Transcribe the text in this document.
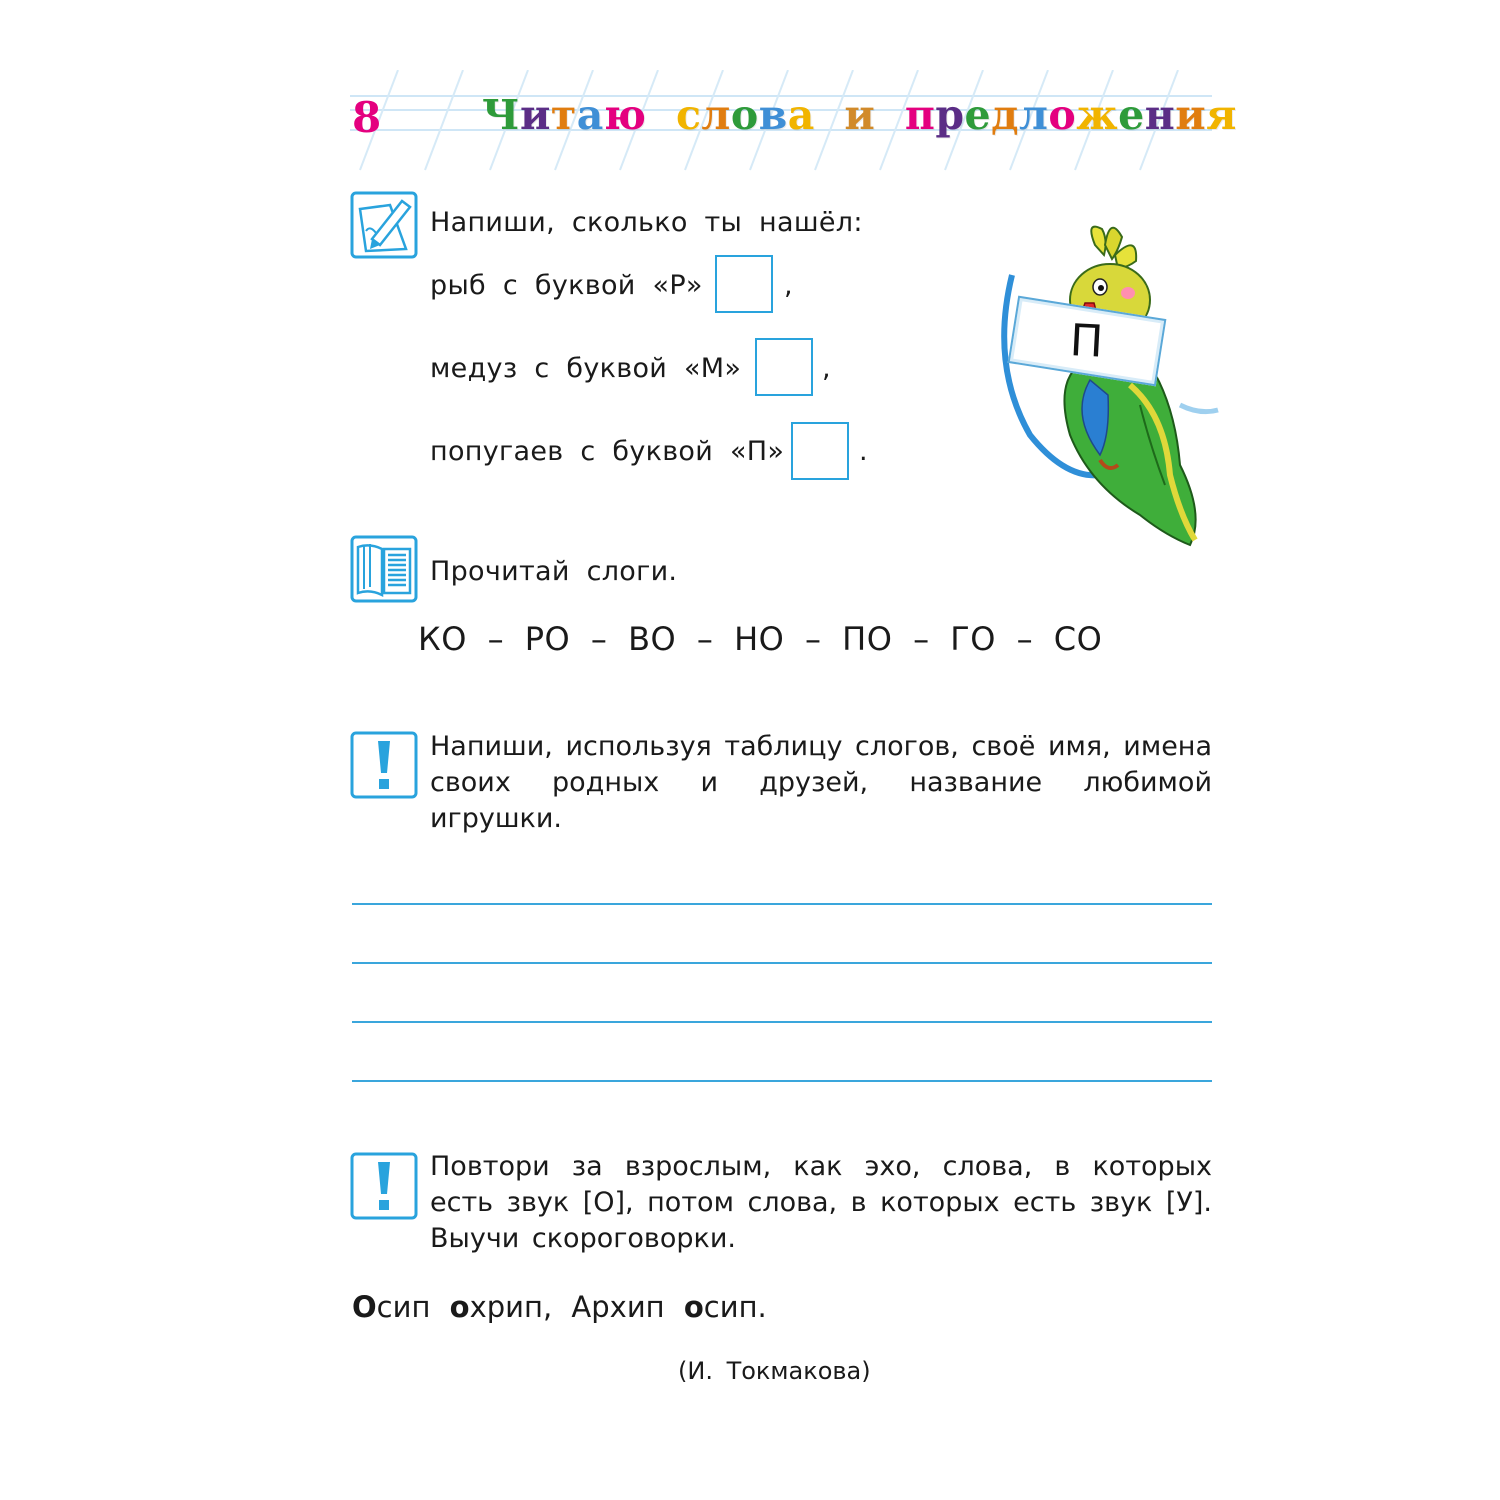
8 Читаю слова и предложения
Напиши, сколько ты нашёл:
рыб с буквой «Р»	,
медуз с буквой «М»	,
попугаев с буквой «П»	.
П
Прочитай слоги.
КО – РО – ВО – НО – ПО – ГО – СО
Напиши, используя таблицу слогов, своё имя, имена своих родных и друзей, название любимой игрушки.
Повтори за взрослым, как эхо, слова, в которых есть звук [О], потом слова, в которых есть звук [У]. Выучи скороговорки.
Осип охрип, Архип осип.
(И. Токмакова)
